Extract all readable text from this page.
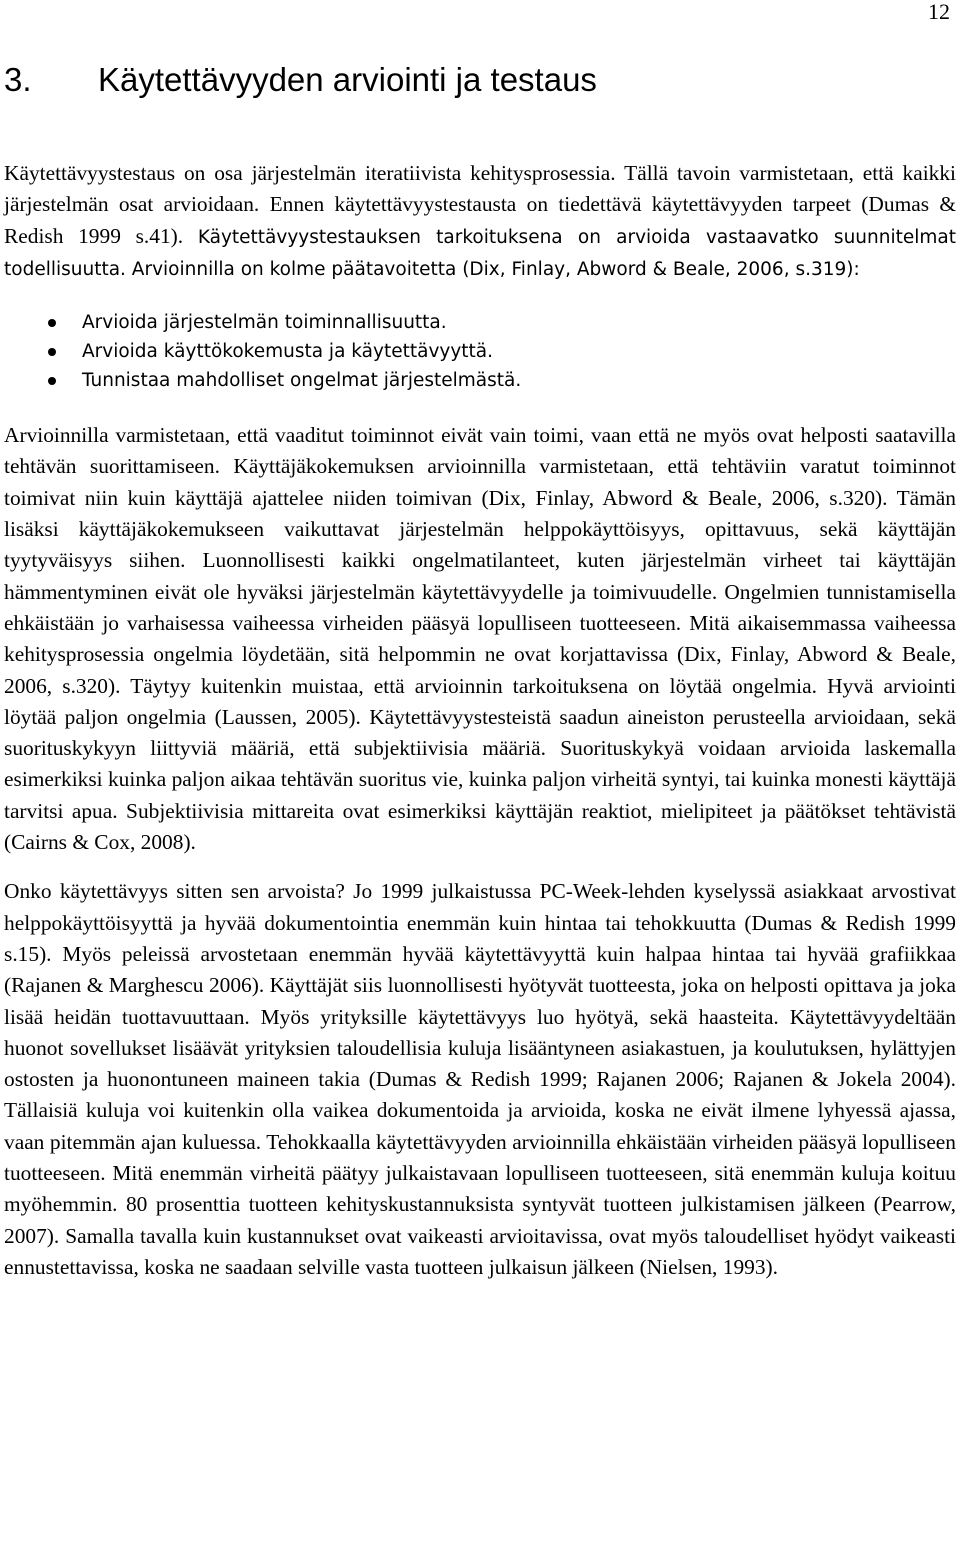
12
3. Käytettävyyden arviointi ja testaus

Käytettävyystestaus on osa järjestelmän iteratiivista kehitysprosessia. Tällä tavoin varmistetaan, että kaikki järjestelmän osat arvioidaan. Ennen käytettävyystestausta on tiedettävä käytettävyyden tarpeet (Dumas & Redish 1999 s.41). Käytettävyystestauksen tarkoituksena on arvioida vastaavatko suunnitelmat todellisuutta. Arvioinnilla on kolme päätavoitetta (Dix, Finlay, Abword & Beale, 2006, s.319):

Arvioida järjestelmän toiminnallisuutta.
Arvioida käyttökokemusta ja käytettävyyttä.
Tunnistaa mahdolliset ongelmat järjestelmästä.

Arvioinnilla varmistetaan, että vaaditut toiminnot eivät vain toimi, vaan että ne myös ovat helposti saatavilla tehtävän suorittamiseen. Käyttäjäkokemuksen arvioinnilla varmistetaan, että tehtäviin varatut toiminnot toimivat niin kuin käyttäjä ajattelee niiden toimivan (Dix, Finlay, Abword & Beale, 2006, s.320). Tämän lisäksi käyttäjäkokemukseen vaikuttavat järjestelmän helppokäyttöisyys, opittavuus, sekä käyttäjän tyytyväisyys siihen. Luonnollisesti kaikki ongelmatilanteet, kuten järjestelmän virheet tai käyttäjän hämmentyminen eivät ole hyväksi järjestelmän käytettävyydelle ja toimivuudelle. Ongelmien tunnistamisella ehkäistään jo varhaisessa vaiheessa virheiden pääsyä lopulliseen tuotteeseen. Mitä aikaisemmassa vaiheessa kehitysprosessia ongelmia löydetään, sitä helpommin ne ovat korjattavissa (Dix, Finlay, Abword & Beale, 2006, s.320). Täytyy kuitenkin muistaa, että arvioinnin tarkoituksena on löytää ongelmia. Hyvä arviointi löytää paljon ongelmia (Laussen, 2005). Käytettävyystesteistä saadun aineiston perusteella arvioidaan, sekä suorituskykyyn liittyviä määriä, että subjektiivisia määriä. Suorituskykyä voidaan arvioida laskemalla esimerkiksi kuinka paljon aikaa tehtävän suoritus vie, kuinka paljon virheitä syntyi, tai kuinka monesti käyttäjä tarvitsi apua. Subjektiivisia mittareita ovat esimerkiksi käyttäjän reaktiot, mielipiteet ja päätökset tehtävistä (Cairns & Cox, 2008).

Onko käytettävyys sitten sen arvoista? Jo 1999 julkaistussa PC-Week-lehden kyselyssä asiakkaat arvostivat helppokäyttöisyyttä ja hyvää dokumentointia enemmän kuin hintaa tai tehokkuutta (Dumas & Redish 1999 s.15). Myös peleissä arvostetaan enemmän hyvää käytettävyyttä kuin halpaa hintaa tai hyvää grafiikkaa (Rajanen & Marghescu 2006). Käyttäjät siis luonnollisesti hyötyvät tuotteesta, joka on helposti opittava ja joka lisää heidän tuottavuuttaan. Myös yrityksille käytettävyys luo hyötyä, sekä haasteita. Käytettävyydeltään huonot sovellukset lisäävät yrityksien taloudellisia kuluja lisääntyneen asiakastuen, ja koulutuksen, hylättyjen ostosten ja huonontuneen maineen takia (Dumas & Redish 1999; Rajanen 2006; Rajanen & Jokela 2004). Tällaisiä kuluja voi kuitenkin olla vaikea dokumentoida ja arvioida, koska ne eivät ilmene lyhyessä ajassa, vaan pitemmän ajan kuluessa. Tehokkaalla käytettävyyden arvioinnilla ehkäistään virheiden pääsyä lopulliseen tuotteeseen. Mitä enemmän virheitä päätyy julkaistavaan lopulliseen tuotteeseen, sitä enemmän kuluja koituu myöhemmin. 80 prosenttia tuotteen kehityskustannuksista syntyvät tuotteen julkistamisen jälkeen (Pearrow, 2007). Samalla tavalla kuin kustannukset ovat vaikeasti arvioitavissa, ovat myös taloudelliset hyödyt vaikeasti ennustettavissa, koska ne saadaan selville vasta tuotteen julkaisun jälkeen (Nielsen, 1993).
